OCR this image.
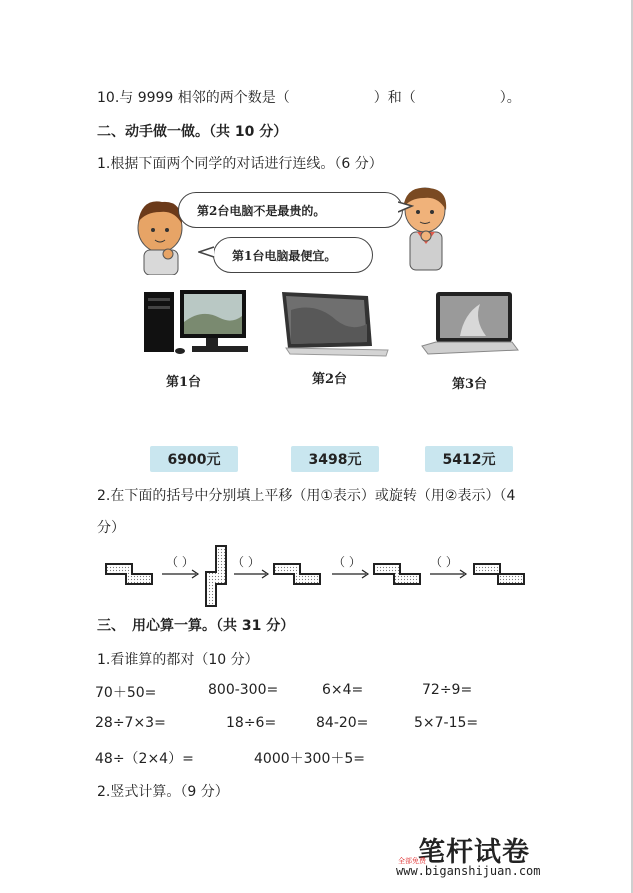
10.与 9999 相邻的两个数是（　　　　　　）和（　　　　　　）。
二、动手做一做。（共 10 分）
1.根据下面两个同学的对话进行连线。（6 分）
第2台电脑不是最贵的。
第1台电脑最便宜。
第1台	第2台	第3台
6900元	3498元	5412元
2.在下面的括号中分别填上平移（用①表示）或旋转（用②表示）（4
分）
（ ）	（ ）	（ ）	（ ）
三、　用心算一算。（共 31 分）
1.看谁算的都对（10 分）
70＋50=	800-300=	6×4=	72÷9=
28÷7×3=	18÷6=	84-20=	5×7-15=
48÷（2×4）=	4000＋300＋5=
2.竖式计算。（9 分）
笔杆试卷
全部免费
www.biganshijuan.com
